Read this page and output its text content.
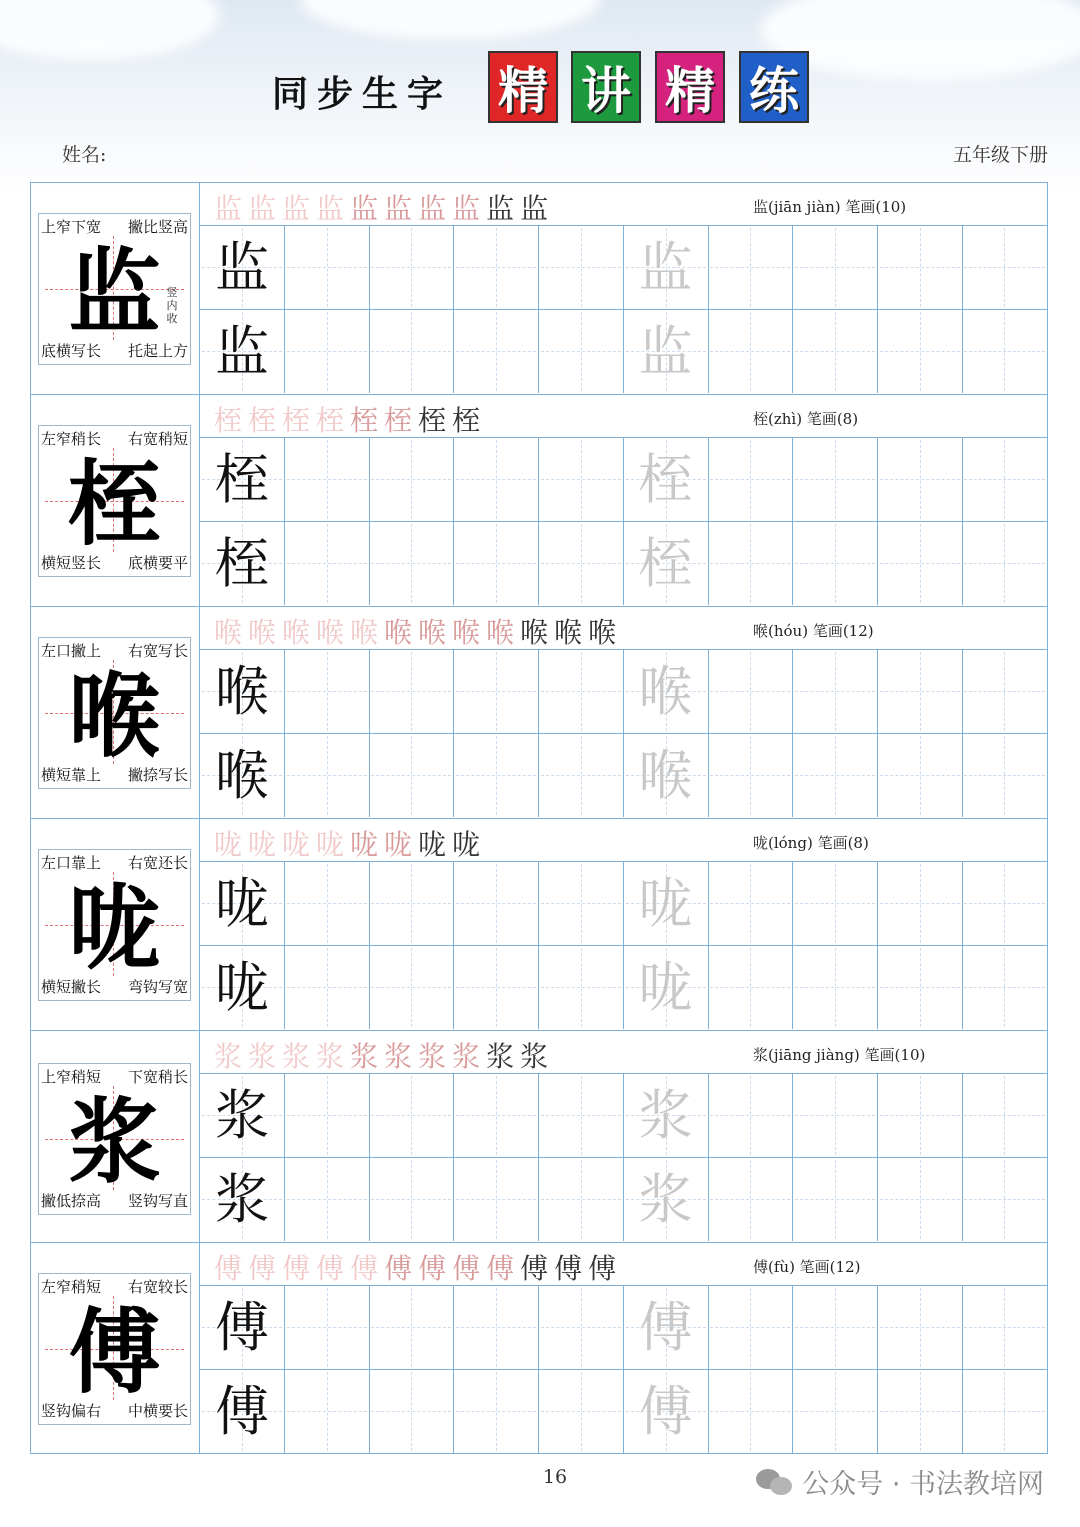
同步生字 精 讲 精 练
姓名:	五年级下册
上窄下宽 撇比竖高
底横写长 托起上方
监 竖内收
监监监监监监监监监监	监(jiān jiàn) 笔画(10)
监	监
监	监
左窄稍长 右宽稍短
横短竖长 底横要平
桎
桎桎桎桎桎桎桎桎	桎(zhì) 笔画(8)
桎	桎
桎	桎
左口撇上 右宽写长
横短靠上 撇捺写长
喉
喉喉喉喉喉喉喉喉喉喉喉喉	喉(hóu) 笔画(12)
喉	喉
喉	喉
左口靠上 右宽还长
横短撇长 弯钩写宽
咙
咙咙咙咙咙咙咙咙	咙(lóng) 笔画(8)
咙	咙
咙	咙
上窄稍短 下宽稍长
撇低捺高 竖钩写直
浆
浆浆浆浆浆浆浆浆浆浆	浆(jiāng jiàng) 笔画(10)
浆	浆
浆	浆
左窄稍短 右宽较长
竖钩偏右 中横要长
傅
傅傅傅傅傅傅傅傅傅傅傅傅	傅(fù) 笔画(12)
傅	傅
傅	傅
16	公众号 · 书法教培网
